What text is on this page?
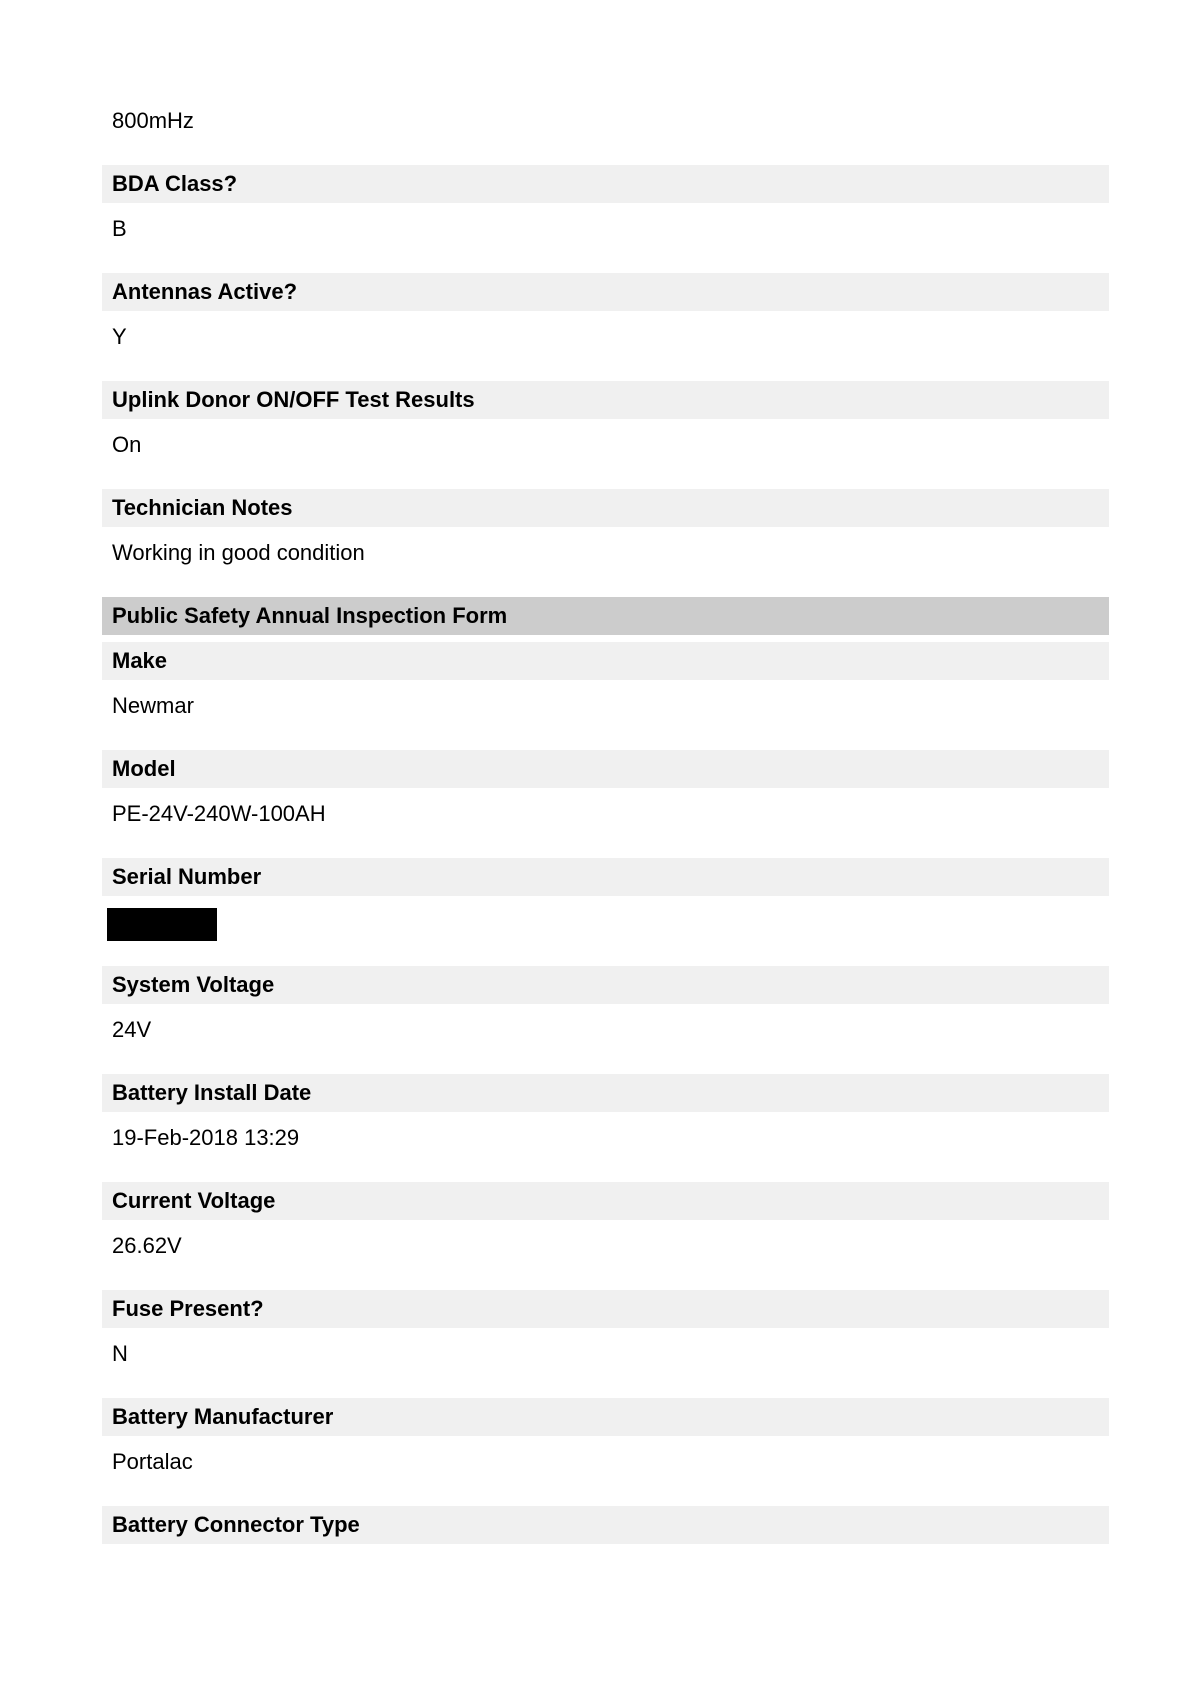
800mHz
BDA Class?
B
Antennas Active?
Y
Uplink Donor ON/OFF Test Results
On
Technician Notes
Working in good condition
Public Safety Annual Inspection Form
Make
Newmar
Model
PE-24V-240W-100AH
Serial Number
System Voltage
24V
Battery Install Date
19-Feb-2018 13:29
Current Voltage
26.62V
Fuse Present?
N
Battery Manufacturer
Portalac
Battery Connector Type
